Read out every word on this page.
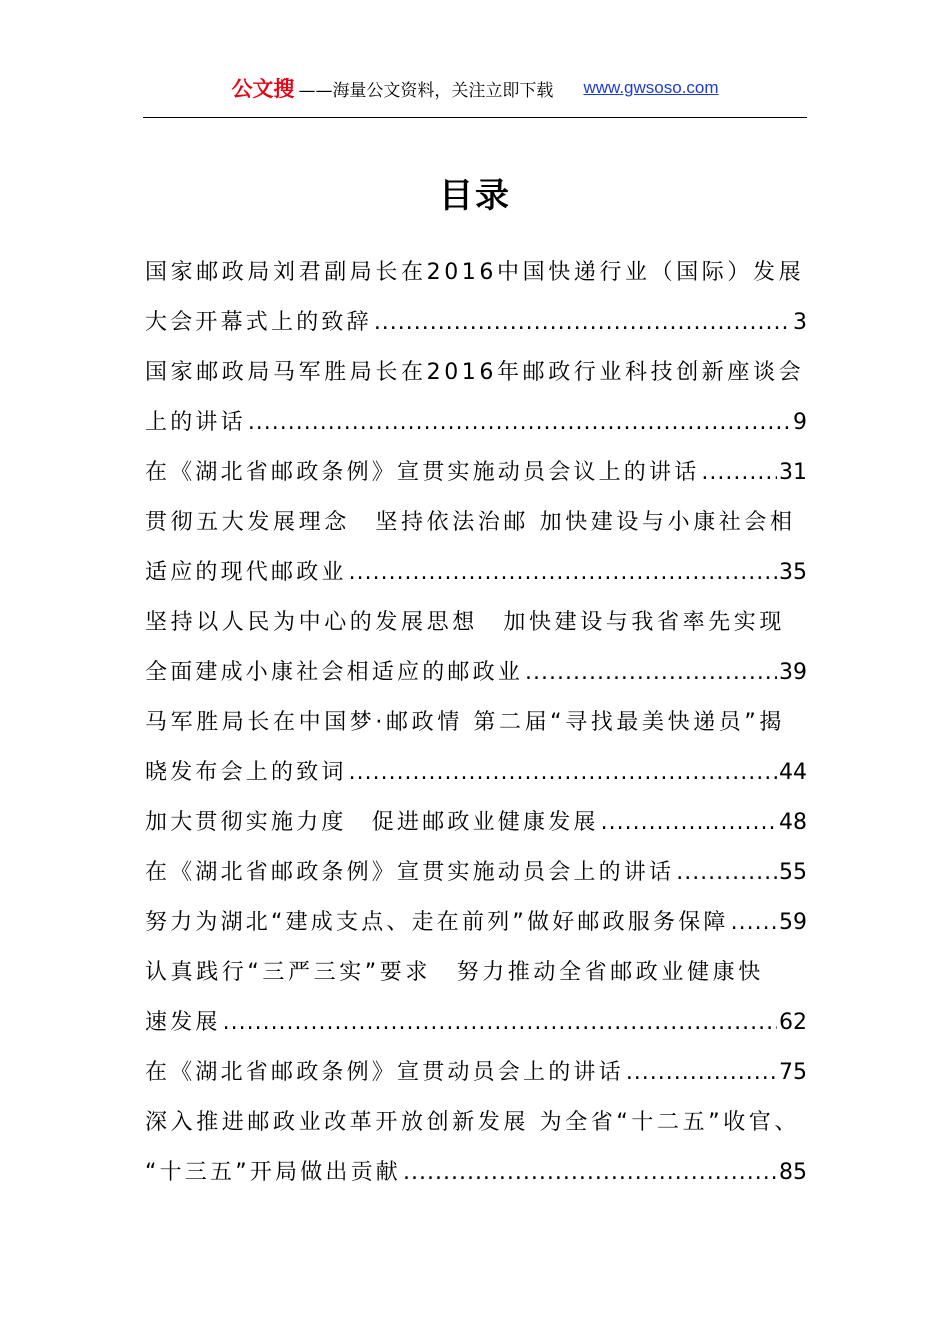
公文搜 ——海量公文资料，关注立即下载 www.gwsoso.com
目录
国家邮政局刘君副局长在2016中国快递行业（国际）发展
大会开幕式上的致辞 .....	3
国家邮政局马军胜局长在2016年邮政行业科技创新座谈会
上的讲话 .....	9
在《湖北省邮政条例》宣贯实施动员会议上的讲话 .....	31
贯彻五大发展理念　坚持依法治邮 加快建设与小康社会相
适应的现代邮政业 .....	35
坚持以人民为中心的发展思想　加快建设与我省率先实现
全面建成小康社会相适应的邮政业 .....	39
马军胜局长在中国梦·邮政情 第二届“寻找最美快递员”揭
晓发布会上的致词 .....	44
加大贯彻实施力度　促进邮政业健康发展 .....	48
在《湖北省邮政条例》宣贯实施动员会上的讲话 .....	55
努力为湖北“建成支点、走在前列”做好邮政服务保障 ..... 59
认真践行“三严三实”要求　努力推动全省邮政业健康快
速发展 .....	62
在《湖北省邮政条例》宣贯动员会上的讲话 .....	75
深入推进邮政业改革开放创新发展 为全省“十二五”收官、
“十三五”开局做出贡献 .....	85
